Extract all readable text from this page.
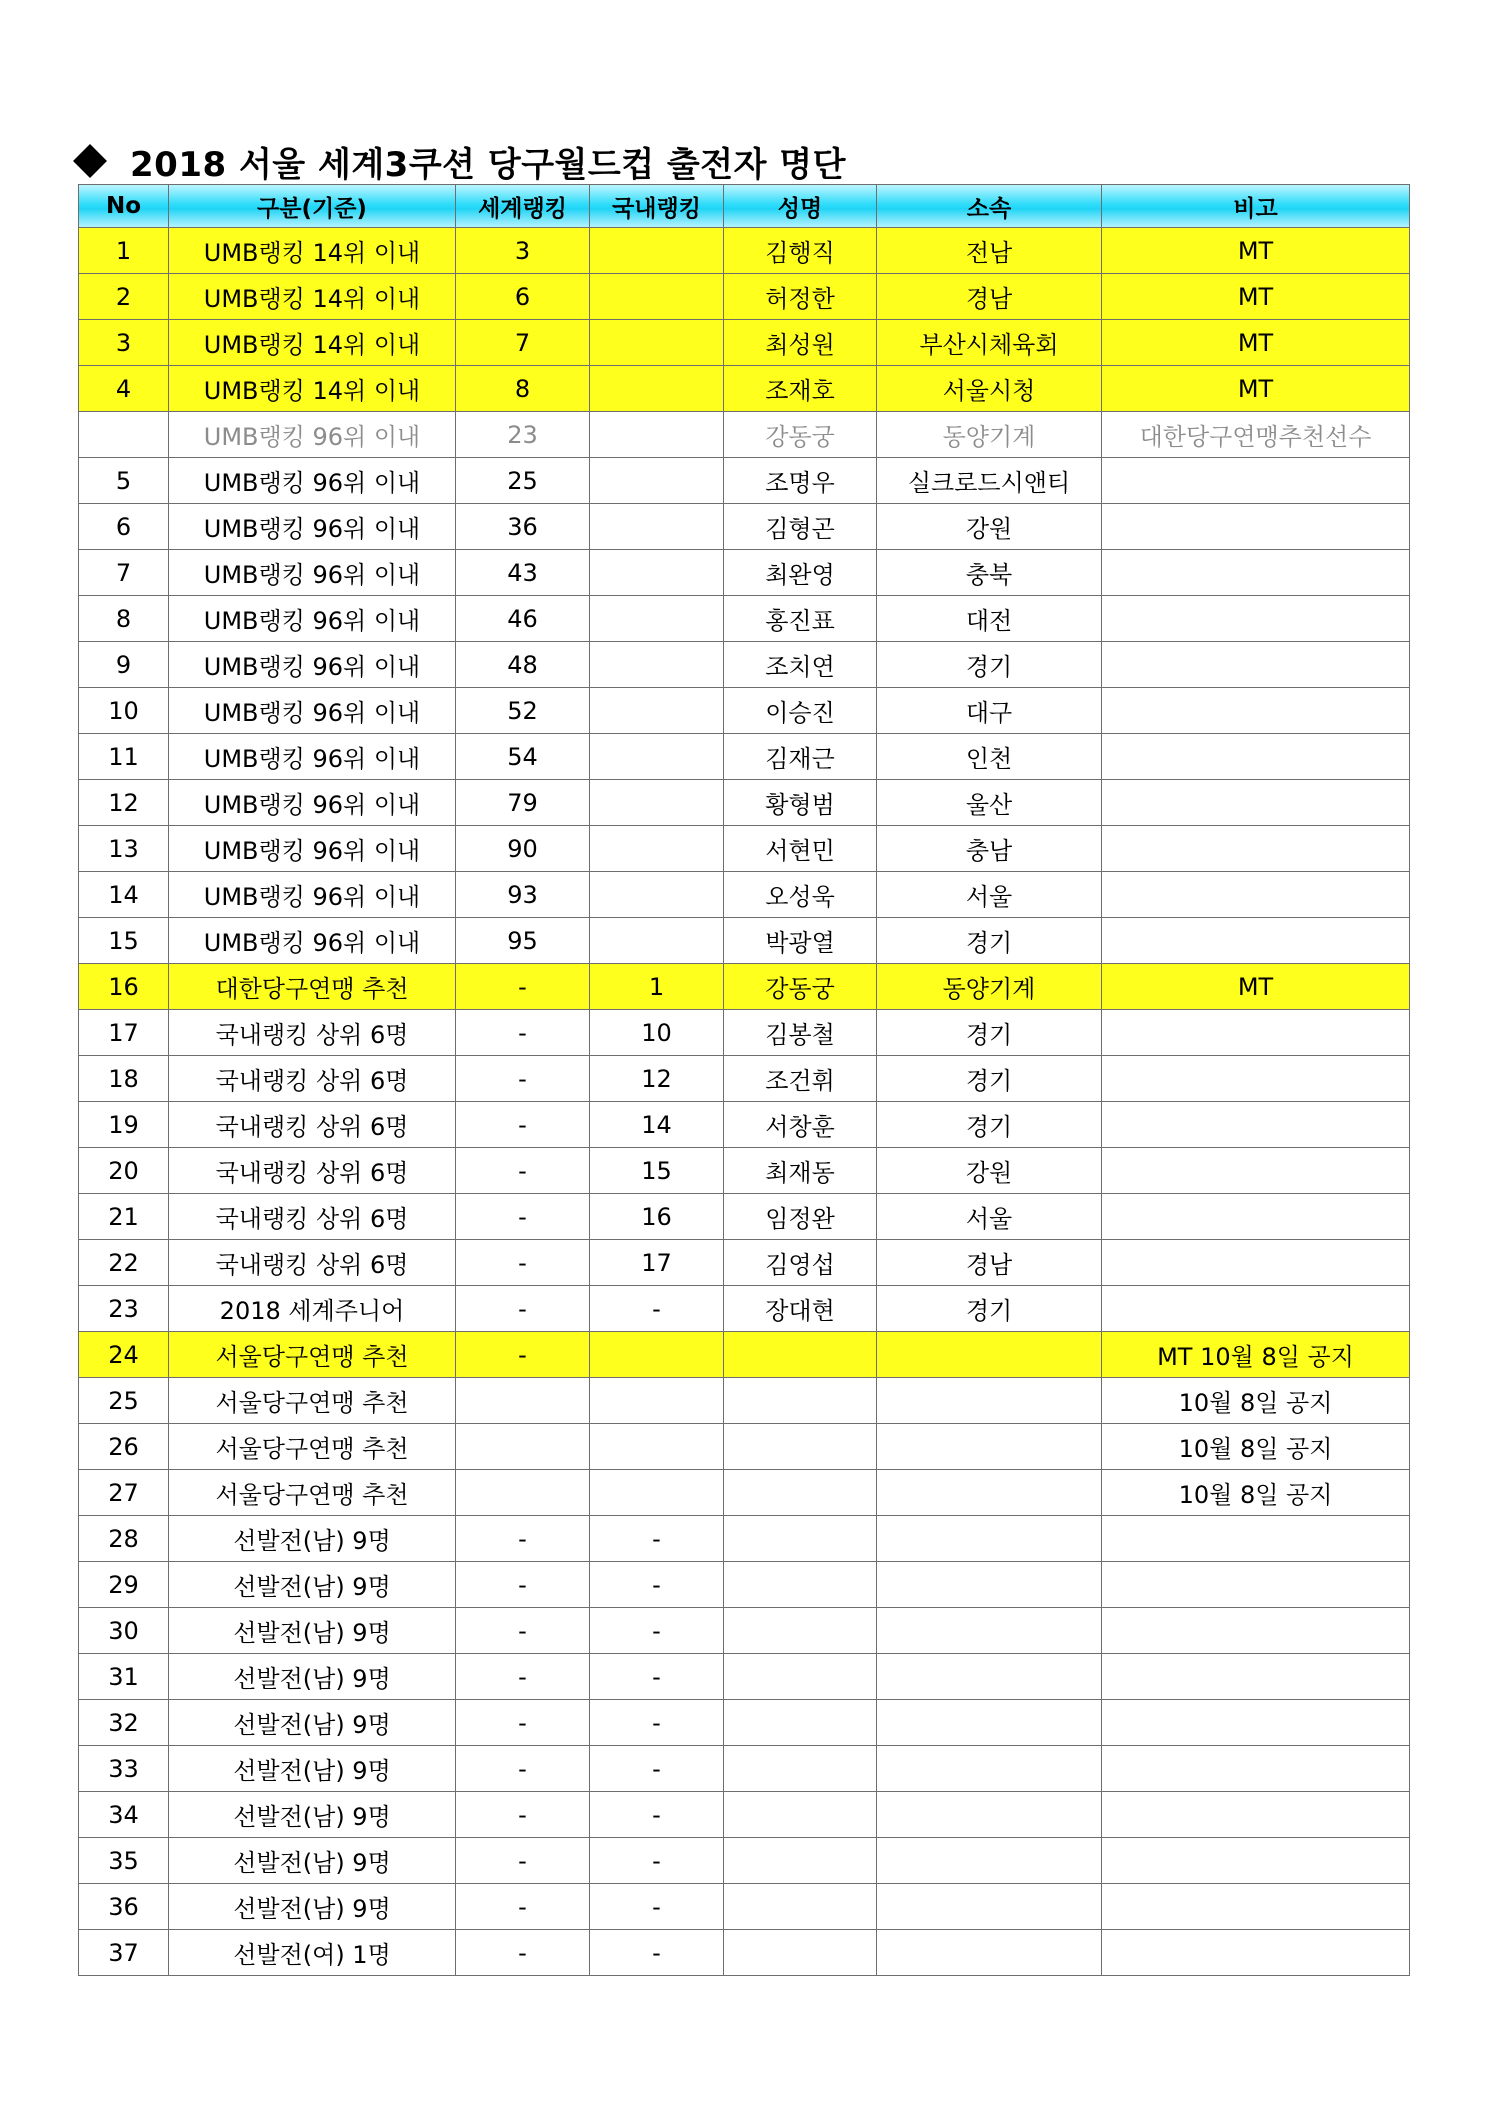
2018 서울 세계3쿠션 당구월드컵 출전자 명단
No	구분(기준)	세계랭킹	국내랭킹	성명	소속	비고
1	UMB랭킹 14위 이내	3		김행직	전남	MT
2	UMB랭킹 14위 이내	6		허정한	경남	MT
3	UMB랭킹 14위 이내	7		최성원	부산시체육회	MT
4	UMB랭킹 14위 이내	8		조재호	서울시청	MT
	UMB랭킹 96위 이내	23		강동궁	동양기계	대한당구연맹추천선수
5	UMB랭킹 96위 이내	25		조명우	실크로드시앤티	
6	UMB랭킹 96위 이내	36		김형곤	강원	
7	UMB랭킹 96위 이내	43		최완영	충북	
8	UMB랭킹 96위 이내	46		홍진표	대전	
9	UMB랭킹 96위 이내	48		조치연	경기	
10	UMB랭킹 96위 이내	52		이승진	대구	
11	UMB랭킹 96위 이내	54		김재근	인천	
12	UMB랭킹 96위 이내	79		황형범	울산	
13	UMB랭킹 96위 이내	90		서현민	충남	
14	UMB랭킹 96위 이내	93		오성욱	서울	
15	UMB랭킹 96위 이내	95		박광열	경기	
16	대한당구연맹 추천	-	1	강동궁	동양기계	MT
17	국내랭킹 상위 6명	-	10	김봉철	경기	
18	국내랭킹 상위 6명	-	12	조건휘	경기	
19	국내랭킹 상위 6명	-	14	서창훈	경기	
20	국내랭킹 상위 6명	-	15	최재동	강원	
21	국내랭킹 상위 6명	-	16	임정완	서울	
22	국내랭킹 상위 6명	-	17	김영섭	경남	
23	2018 세계주니어	-	-	장대현	경기	
24	서울당구연맹 추천	-				MT 10월 8일 공지
25	서울당구연맹 추천					10월 8일 공지
26	서울당구연맹 추천					10월 8일 공지
27	서울당구연맹 추천					10월 8일 공지
28	선발전(남) 9명	-	-			
29	선발전(남) 9명	-	-			
30	선발전(남) 9명	-	-			
31	선발전(남) 9명	-	-			
32	선발전(남) 9명	-	-			
33	선발전(남) 9명	-	-			
34	선발전(남) 9명	-	-			
35	선발전(남) 9명	-	-			
36	선발전(남) 9명	-	-			
37	선발전(여) 1명	-	-			
